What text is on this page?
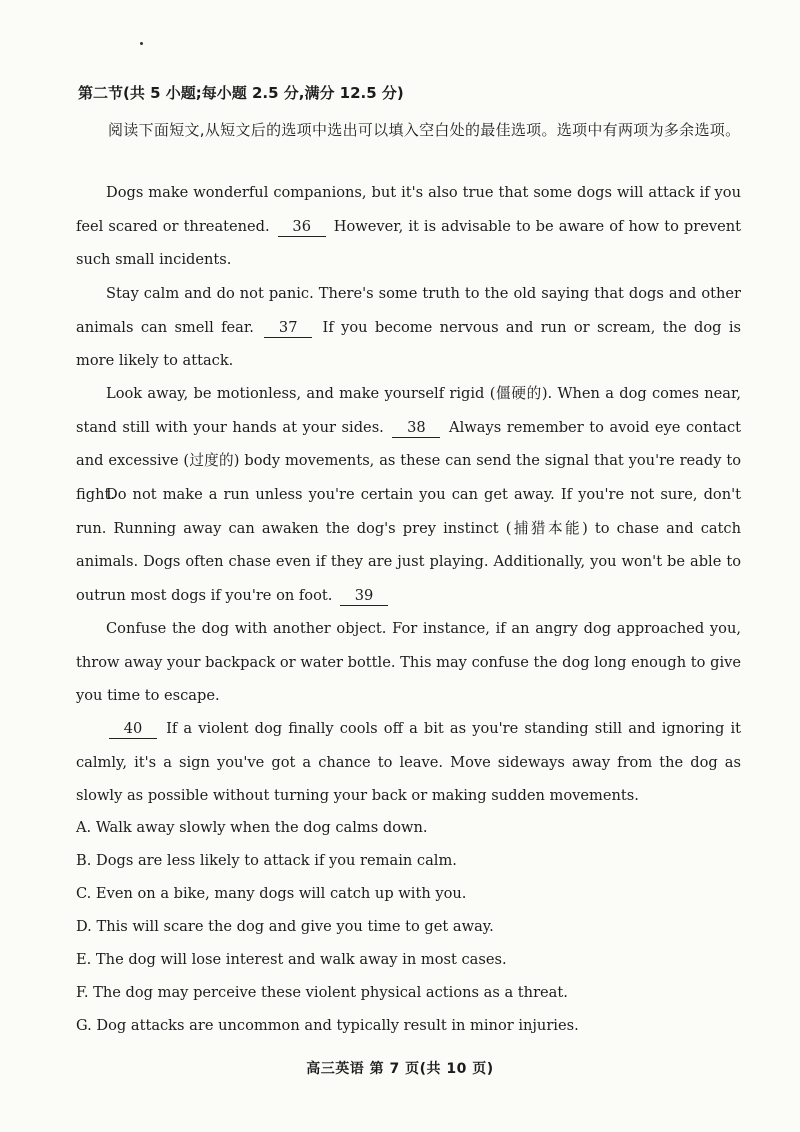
第二节(共 5 小题;每小题 2.5 分,满分 12.5 分)
阅读下面短文,从短文后的选项中选出可以填入空白处的最佳选项。选项中有两项为多余选项。
Dogs make wonderful companions, but it's also true that some dogs will attack if you feel scared or threatened. 36 However, it is advisable to be aware of how to prevent such small incidents.
Stay calm and do not panic. There's some truth to the old saying that dogs and other animals can smell fear. 37 If you become nervous and run or scream, the dog is more likely to attack.
Look away, be motionless, and make yourself rigid (僵硬的). When a dog comes near, stand still with your hands at your sides. 38 Always remember to avoid eye contact and excessive (过度的) body movements, as these can send the signal that you're ready to fight.
Do not make a run unless you're certain you can get away. If you're not sure, don't run. Running away can awaken the dog's prey instinct (捕猎本能) to chase and catch animals. Dogs often chase even if they are just playing. Additionally, you won't be able to outrun most dogs if you're on foot. 39
Confuse the dog with another object. For instance, if an angry dog approached you, throw away your backpack or water bottle. This may confuse the dog long enough to give you time to escape.
40 If a violent dog finally cools off a bit as you're standing still and ignoring it calmly, it's a sign you've got a chance to leave. Move sideways away from the dog as slowly as possible without turning your back or making sudden movements.
A. Walk away slowly when the dog calms down.
B. Dogs are less likely to attack if you remain calm.
C. Even on a bike, many dogs will catch up with you.
D. This will scare the dog and give you time to get away.
E. The dog will lose interest and walk away in most cases.
F. The dog may perceive these violent physical actions as a threat.
G. Dog attacks are uncommon and typically result in minor injuries.
高三英语 第 7 页(共 10 页)
